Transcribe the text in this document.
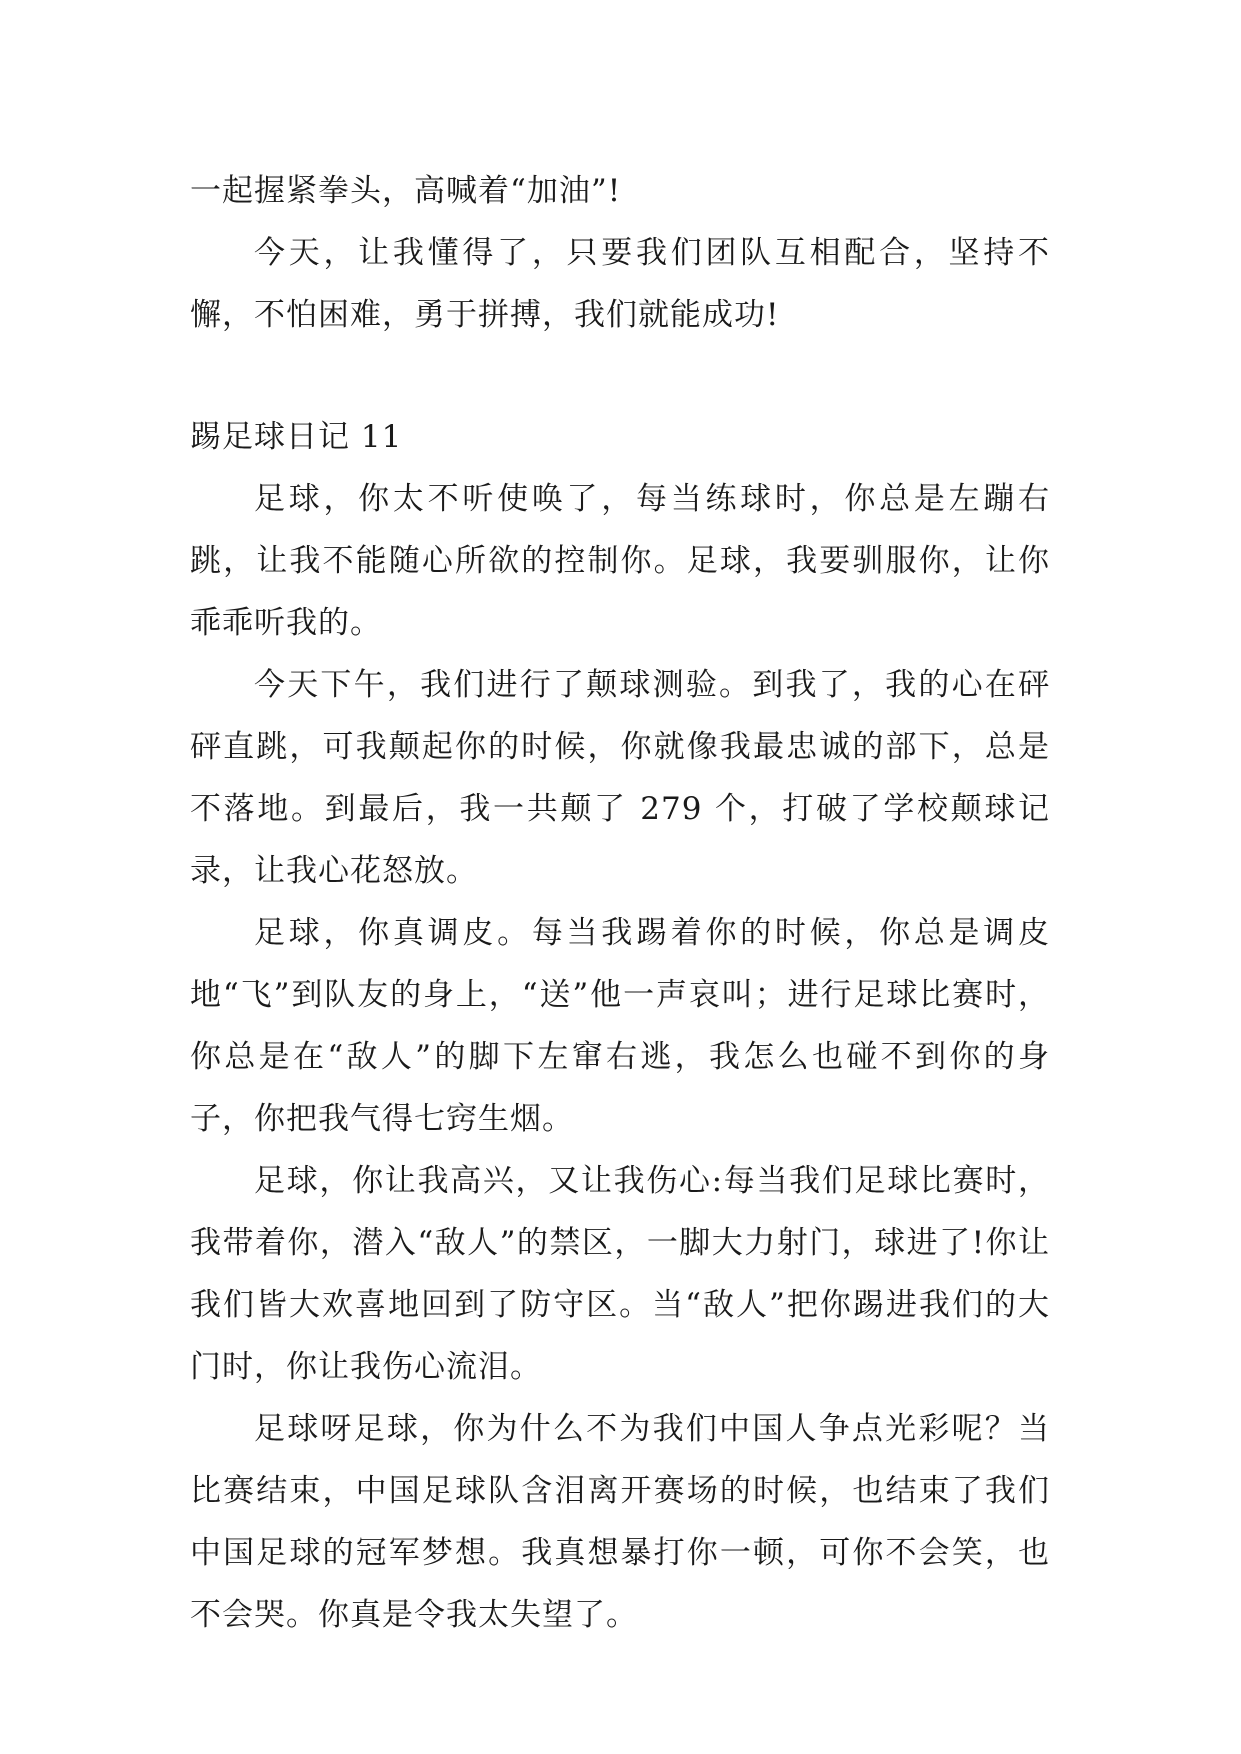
一起握紧拳头，高喊着“加油”!

今天，让我懂得了，只要我们团队互相配合，坚持不懈，不怕困难，勇于拼搏，我们就能成功!

踢足球日记 11

足球，你太不听使唤了，每当练球时，你总是左蹦右跳，让我不能随心所欲的控制你。足球，我要驯服你，让你乖乖听我的。

今天下午，我们进行了颠球测验。到我了，我的心在砰砰直跳，可我颠起你的时候，你就像我最忠诚的部下，总是不落地。到最后，我一共颠了 279 个，打破了学校颠球记录，让我心花怒放。

足球，你真调皮。每当我踢着你的时候，你总是调皮地“飞”到队友的身上，“送”他一声哀叫；进行足球比赛时，你总是在“敌人”的脚下左窜右逃，我怎么也碰不到你的身子，你把我气得七窍生烟。

足球，你让我高兴，又让我伤心:每当我们足球比赛时，我带着你，潜入“敌人”的禁区，一脚大力射门，球进了!你让我们皆大欢喜地回到了防守区。当“敌人”把你踢进我们的大门时，你让我伤心流泪。

足球呀足球，你为什么不为我们中国人争点光彩呢？当比赛结束，中国足球队含泪离开赛场的时候，也结束了我们中国足球的冠军梦想。我真想暴打你一顿，可你不会笑，也不会哭。你真是令我太失望了。
